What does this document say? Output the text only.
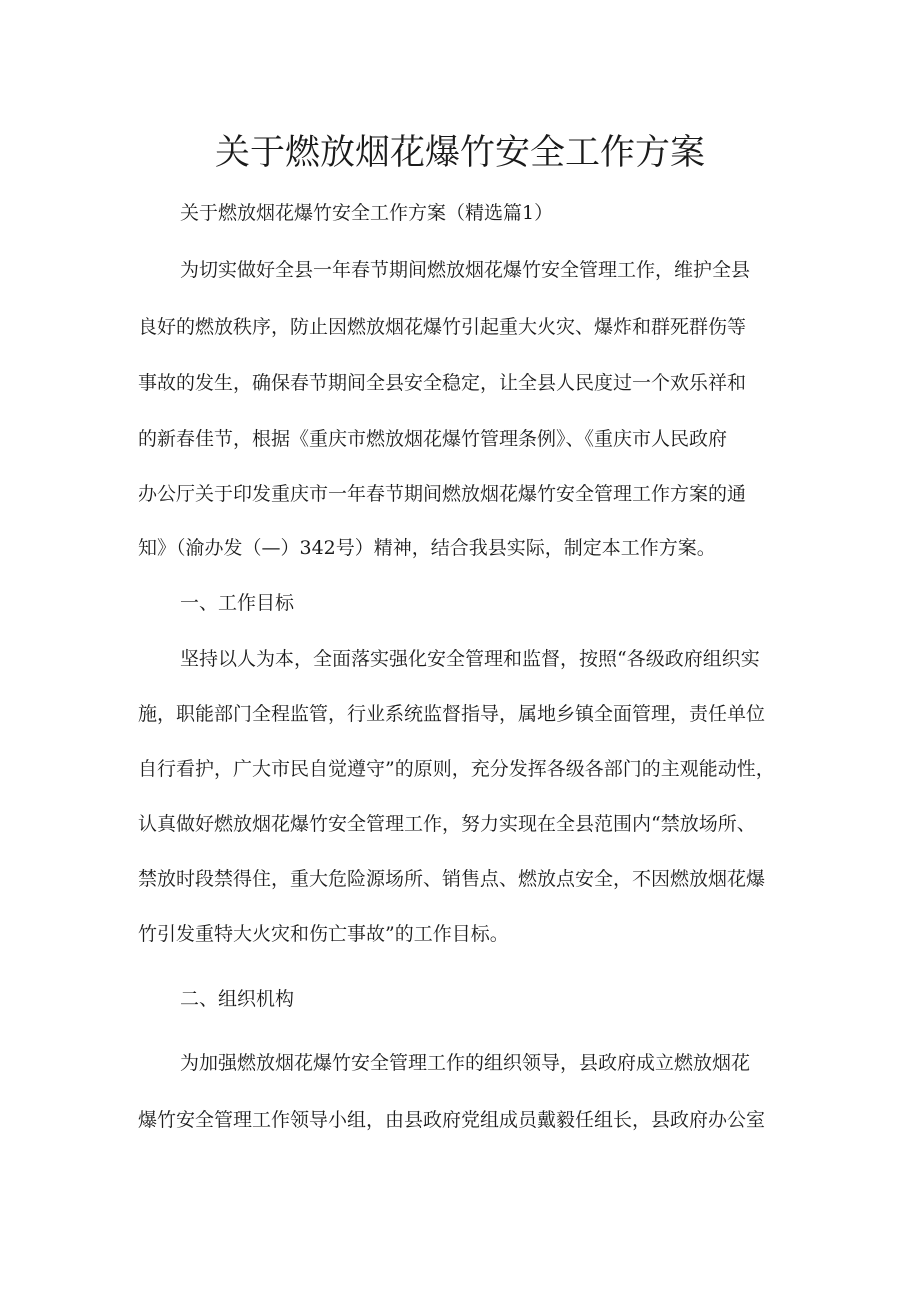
关于燃放烟花爆竹安全工作方案
关于燃放烟花爆竹安全工作方案（精选篇1）
为切实做好全县一年春节期间燃放烟花爆竹安全管理工作，维护全县
良好的燃放秩序，防止因燃放烟花爆竹引起重大火灾、爆炸和群死群伤等
事故的发生，确保春节期间全县安全稳定，让全县人民度过一个欢乐祥和
的新春佳节，根据《重庆市燃放烟花爆竹管理条例》、《重庆市人民政府
办公厅关于印发重庆市一年春节期间燃放烟花爆竹安全管理工作方案的通
知》（渝办发（—）342号）精神，结合我县实际，制定本工作方案。
一、工作目标
坚持以人为本，全面落实强化安全管理和监督，按照“各级政府组织实
施，职能部门全程监管，行业系统监督指导，属地乡镇全面管理，责任单位
自行看护，广大市民自觉遵守”的原则，充分发挥各级各部门的主观能动性，
认真做好燃放烟花爆竹安全管理工作，努力实现在全县范围内“禁放场所、
禁放时段禁得住，重大危险源场所、销售点、燃放点安全，不因燃放烟花爆
竹引发重特大火灾和伤亡事故”的工作目标。
二、组织机构
为加强燃放烟花爆竹安全管理工作的组织领导，县政府成立燃放烟花
爆竹安全管理工作领导小组，由县政府党组成员戴毅任组长，县政府办公室
